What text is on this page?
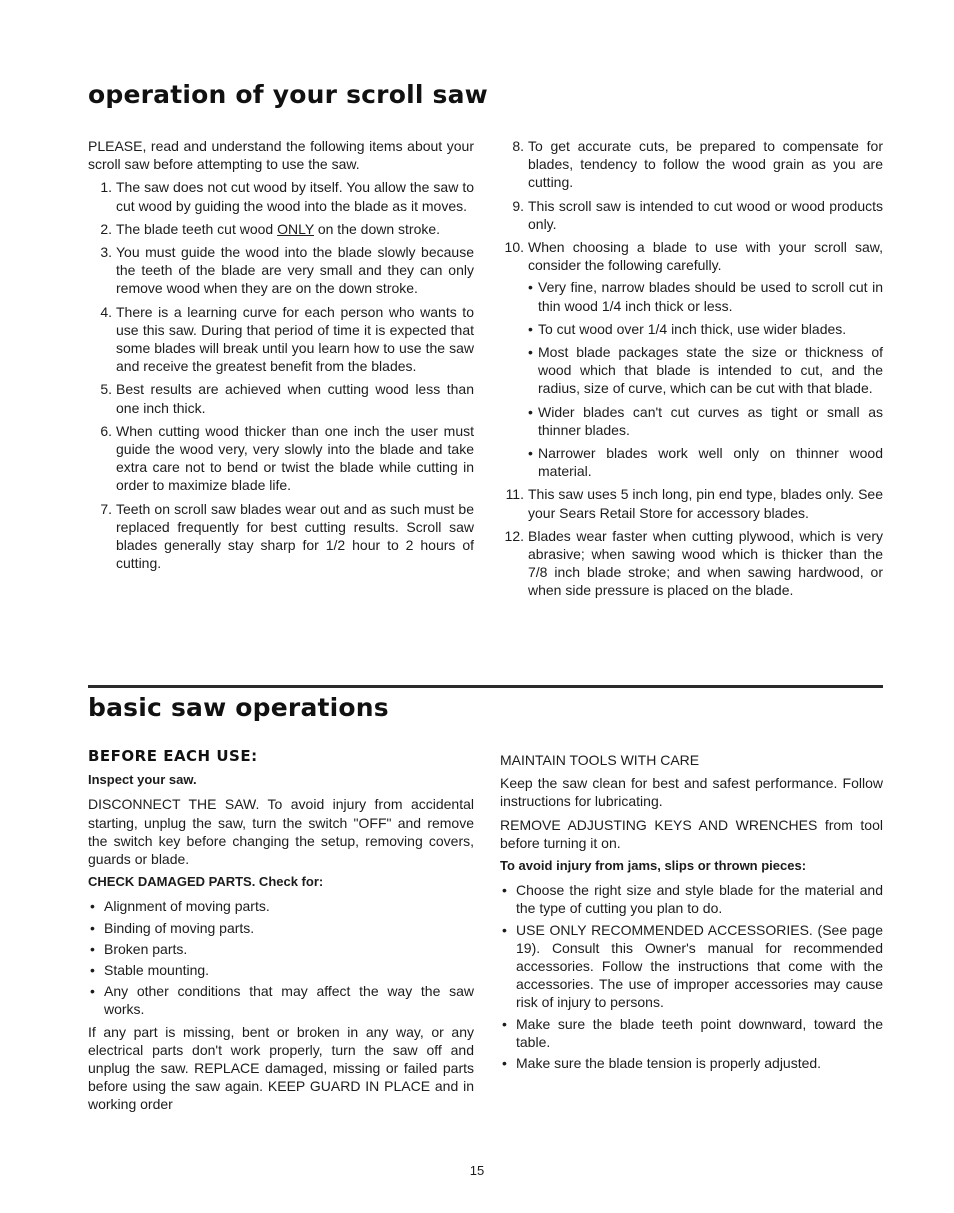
operation of your scroll saw

PLEASE, read and understand the following items about your scroll saw before attempting to use the saw.

1. The saw does not cut wood by itself. You allow the saw to cut wood by guiding the wood into the blade as it moves.
2. The blade teeth cut wood ONLY on the down stroke.
3. You must guide the wood into the blade slowly because the teeth of the blade are very small and they can only remove wood when they are on the down stroke.
4. There is a learning curve for each person who wants to use this saw. During that period of time it is expected that some blades will break until you learn how to use the saw and receive the greatest benefit from the blades.
5. Best results are achieved when cutting wood less than one inch thick.
6. When cutting wood thicker than one inch the user must guide the wood very, very slowly into the blade and take extra care not to bend or twist the blade while cutting in order to maximize blade life.
7. Teeth on scroll saw blades wear out and as such must be replaced frequently for best cutting results. Scroll saw blades generally stay sharp for 1/2 hour to 2 hours of cutting.
8. To get accurate cuts, be prepared to compensate for blades, tendency to follow the wood grain as you are cutting.
9. This scroll saw is intended to cut wood or wood products only.
10. When choosing a blade to use with your scroll saw, consider the following carefully.
• Very fine, narrow blades should be used to scroll cut in thin wood 1/4 inch thick or less.
• To cut wood over 1/4 inch thick, use wider blades.
• Most blade packages state the size or thickness of wood which that blade is intended to cut, and the radius, size of curve, which can be cut with that blade.
• Wider blades can't cut curves as tight or small as thinner blades.
• Narrower blades work well only on thinner wood material.
11. This saw uses 5 inch long, pin end type, blades only. See your Sears Retail Store for accessory blades.
12. Blades wear faster when cutting plywood, which is very abrasive; when sawing wood which is thicker than the 7/8 inch blade stroke; and when sawing hardwood, or when side pressure is placed on the blade.
basic saw operations
BEFORE EACH USE:

Inspect your saw.

DISCONNECT THE SAW. To avoid injury from accidental starting, unplug the saw, turn the switch "OFF" and remove the switch key before changing the setup, removing covers, guards or blade.

CHECK DAMAGED PARTS. Check for:

• Alignment of moving parts.
• Binding of moving parts.
• Broken parts.
• Stable mounting.
• Any other conditions that may affect the way the saw works.

If any part is missing, bent or broken in any way, or any electrical parts don't work properly, turn the saw off and unplug the saw. REPLACE damaged, missing or failed parts before using the saw again. KEEP GUARD IN PLACE and in working order

MAINTAIN TOOLS WITH CARE

Keep the saw clean for best and safest performance. Follow instructions for lubricating.

REMOVE ADJUSTING KEYS AND WRENCHES from tool before turning it on.

To avoid injury from jams, slips or thrown pieces:

• Choose the right size and style blade for the material and the type of cutting you plan to do.
• USE ONLY RECOMMENDED ACCESSORIES. (See page 19). Consult this Owner's manual for recommended accessories. Follow the instructions that come with the accessories. The use of improper accessories may cause risk of injury to persons.
• Make sure the blade teeth point downward, toward the table.
• Make sure the blade tension is properly adjusted.
15
